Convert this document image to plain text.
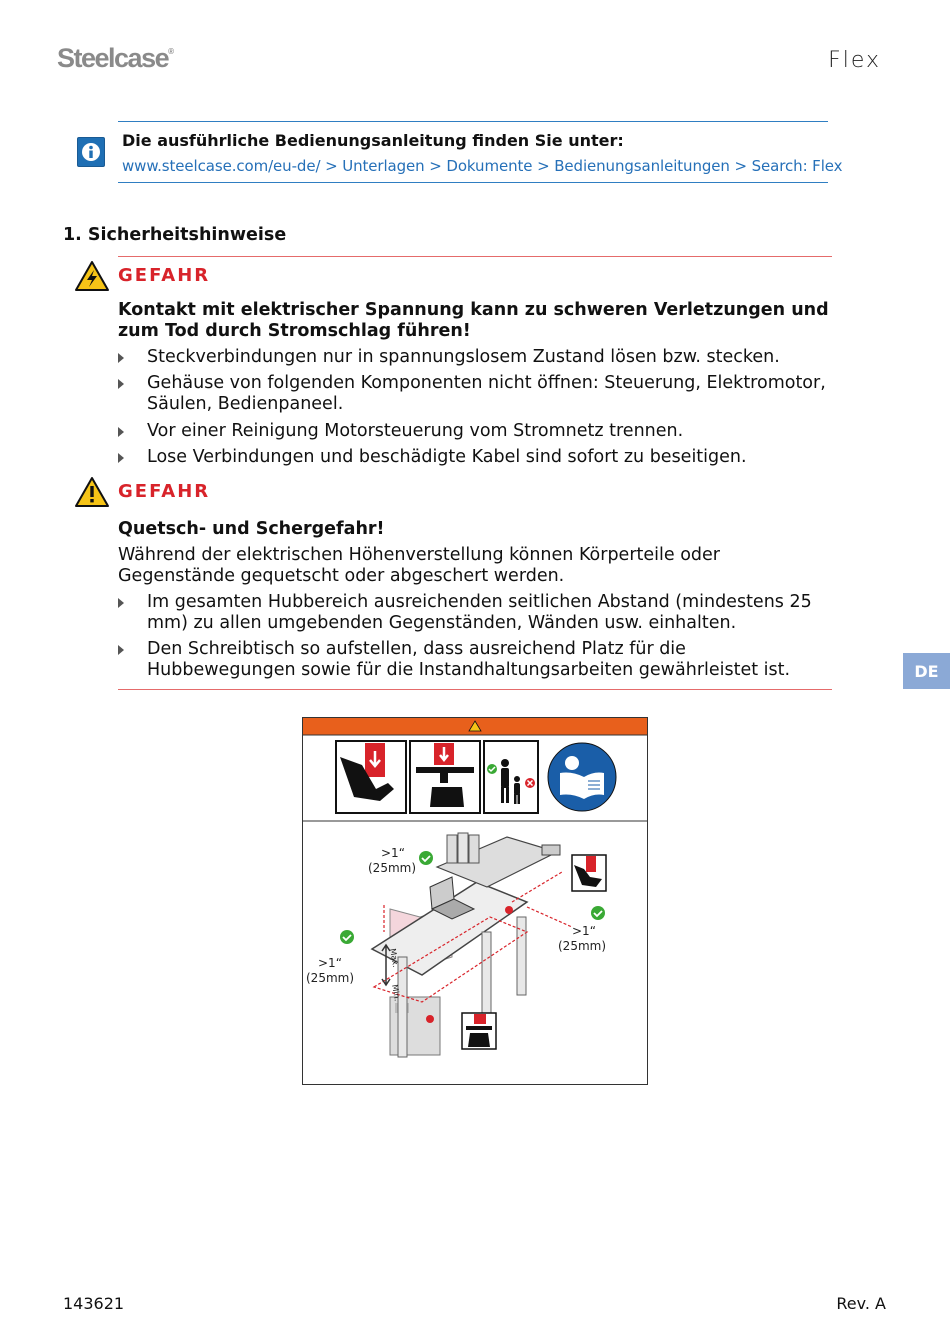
Steelcase®	Flex
Die ausführliche Bedienungsanleitung finden Sie unter:
www.steelcase.com/eu-de/ > Unterlagen > Dokumente > Bedienungsanleitungen > Search: Flex
1. Sicherheitshinweise
GEFAHR
Kontakt mit elektrischer Spannung kann zu schweren Verletzungen und zum Tod durch Stromschlag führen!
Steckverbindungen nur in spannungslosem Zustand lösen bzw. stecken.
Gehäuse von folgenden Komponenten nicht öffnen: Steuerung, Elektromotor, Säulen, Bedienpaneel.
Vor einer Reinigung Motorsteuerung vom Stromnetz trennen.
Lose Verbindungen und beschädigte Kabel sind sofort zu beseitigen.
GEFAHR
Quetsch- und Schergefahr!
Während der elektrischen Höhenverstellung können Körperteile oder Gegenstände gequetscht oder abgeschert werden.
Im gesamten Hubbereich ausreichenden seitlichen Abstand (mindestens 25 mm) zu allen umgebenden Gegenständen, Wänden usw. einhalten.
Den Schreibtisch so aufstellen, dass ausreichend Platz für die Hubbewegungen sowie für die Instandhaltungsarbeiten gewährleistet ist.	DE
>1“
(25mm)
>1“
(25mm)
>1“
(25mm)
Max.
Min.
143621	Rev. A
